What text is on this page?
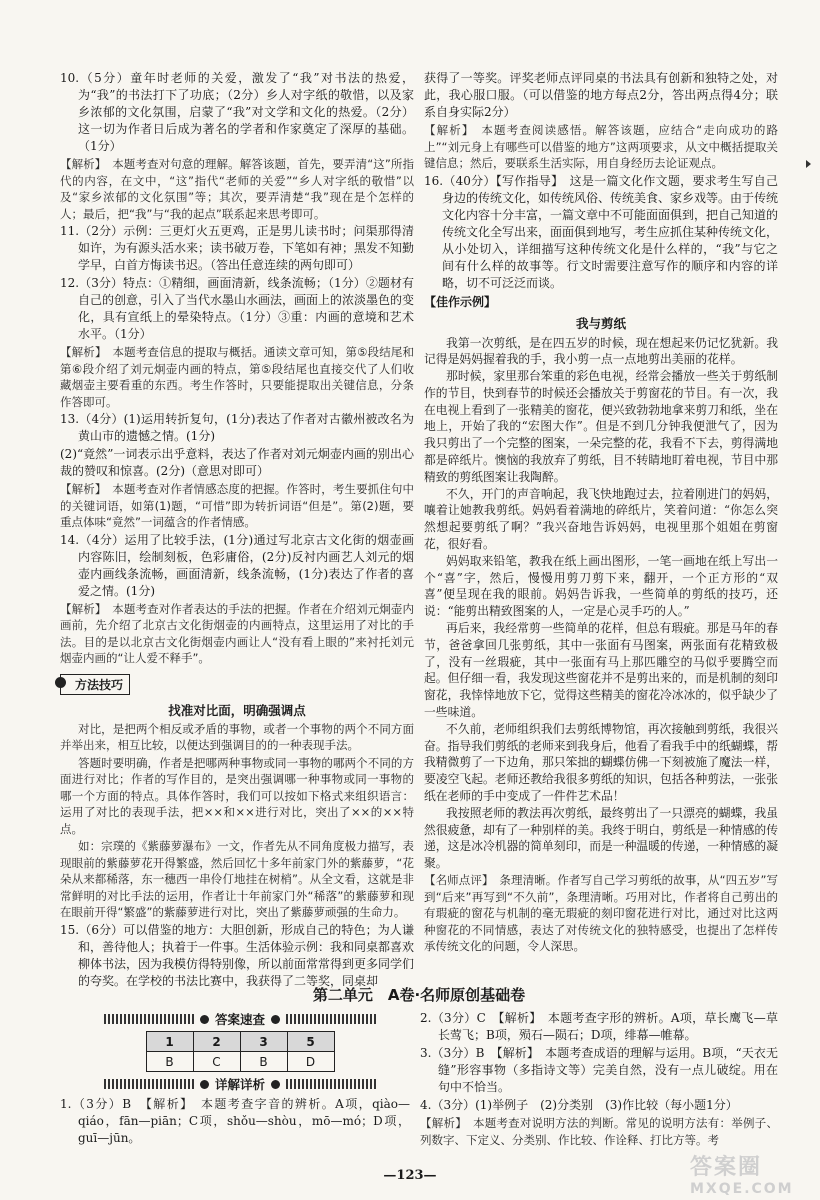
10.（5分）童年时老师的关爱，激发了“我”对书法的热爱，为“我”的书法打下了功底；（2分）乡人对字纸的敬惜，以及家乡浓郁的文化氛围，启蒙了“我”对文学和文化的热爱。（2分）这一切为作者日后成为著名的学者和作家奠定了深厚的基础。（1分）

【解析】　本题考查对句意的理解。解答该题，首先，要弄清“这”所指代的内容，在文中，“这”指代“老师的关爱”“乡人对字纸的敬惜”以及“家乡浓郁的文化氛围”等；其次，要弄清楚“我”现在是个怎样的人；最后，把“我”与“我的起点”联系起来思考即可。

11.（2分）示例：三更灯火五更鸡，正是男儿读书时；问渠那得清如许，为有源头活水来；读书破万卷，下笔如有神；黑发不知勤学早，白首方悔读书迟。（答出任意连续的两句即可）

12.（3分）特点：①精细，画面清新，线条流畅；（1分）②题材有自己的创意，引入了当代水墨山水画法，画面上的浓淡墨色的变化，具有宣纸上的晕染特点。（1分）③重：内画的意境和艺术水平。（1分）

【解析】　本题考查信息的提取与概括。通读文章可知，第⑤段结尾和第⑥段介绍了刘元炯壶内画的特点，第⑤段结尾也直接交代了人们收藏烟壶主要看重的东西。考生作答时，只要能提取出关键信息，分条作答即可。

13.（4分）(1)运用转折复句，(1分)表达了作者对古徽州被改名为黄山市的遗憾之情。(1分)

(2)“竟然”一词表示出乎意料，表达了作者对刘元炯壶内画的别出心裁的赞叹和惊喜。(2分)（意思对即可）

【解析】　本题考查对作者情感态度的把握。作答时，考生要抓住句中的关键词语，如第(1)题，“可惜”即为转折词语“但是”。第(2)题，要重点体味“竟然”一词蕴含的作者情感。

14.（4分）运用了比较手法，(1分)通过写北京古文化街的烟壶画内容陈旧，绘制刻板，色彩庸俗，(2分)反衬内画艺人刘元的烟壶内画线条流畅，画面清新，线条流畅，(1分)表达了作者的喜爱之情。(1分)

【解析】　本题考查对作者表达的手法的把握。作者在介绍刘元炯壶内画前，先介绍了北京古文化街烟壶的内画特点，这里运用了对比的手法。目的是以北京古文化街烟壶内画让人“没有看上眼的”来衬托刘元烟壶内画的“让人爱不释手”。

方法技巧
找准对比面，明确强调点

对比，是把两个相反或矛盾的事物，或者一个事物的两个不同方面并举出来，相互比较，以便达到强调目的的一种表现手法。

答题时要明确，作者是把哪两种事物或同一事物的哪两个不同的方面进行对比；作者的写作目的，是突出强调哪一种事物或同一事物的哪一个方面的特点。具体作答时，我们可以按如下格式来组织语言：运用了对比的表现手法，把××和××进行对比，突出了××的××特点。

如：宗璞的《紫藤萝瀑布》一文，作者先从不同角度极力描写，表现眼前的紫藤萝花开得繁盛，然后回忆十多年前家门外的紫藤萝，“花朵从来都稀落，东一穗西一串伶仃地挂在树梢”。从全文看，这就是非常鲜明的对比手法的运用，作者让十年前家门外“稀落”的紫藤萝和现在眼前开得“繁盛”的紫藤萝进行对比，突出了紫藤萝顽强的生命力。

15.（6分）可以借鉴的地方：大胆创新，形成自己的特色；为人谦和，善待他人；执着于一件事。生活体验示例：我和同桌都喜欢柳体书法，因为我模仿得特别像，所以前面常常得到更多同学们的夸奖。在学校的书法比赛中，我获得了二等奖，同桌却

获得了一等奖。评奖老师点评同桌的书法具有创新和独特之处，对此，我心服口服。（可以借鉴的地方每点2分，答出两点得4分；联系自身实际2分）

【解析】　本题考查阅读感悟。解答该题，应结合“走向成功的路上”“刘元身上有哪些可以借鉴的地方”这两项要求，从文中概括提取关键信息；然后，要联系生活实际，用自身经历去论证观点。

16.（40分）【写作指导】　这是一篇文化作文题，要求考生写自己身边的传统文化，如传统风俗、传统美食、家乡戏等。由于传统文化内容十分丰富，一篇文章中不可能面面俱到，把自己知道的传统文化全写出来，面面俱到地写，考生应抓住某种传统文化，从小处切入，详细描写这种传统文化是什么样的，“我”与它之间有什么样的故事等。行文时需要注意写作的顺序和内容的详略，切不可泛泛而谈。

【佳作示例】
我与剪纸

我第一次剪纸，是在四五岁的时候，现在想起来仍记忆犹新。我记得是妈妈握着我的手，我小剪一点一点地剪出美丽的花样。

那时候，家里那台笨重的彩色电视，经常会播放一些关于剪纸制作的节目，快到春节的时候还会播放关于剪窗花的节目。有一次，我在电视上看到了一张精美的窗花，便兴致勃勃地拿来剪刀和纸，坐在地上，开始了我的“宏图大作”。但是不到几分钟我便泄气了，因为我只剪出了一个完整的图案，一朵完整的花，我看不下去，剪得满地都是碎纸片。懊恼的我放弃了剪纸，目不转睛地盯着电视，节目中那精致的剪纸图案让我陶醉。

不久，开门的声音响起，我飞快地跑过去，拉着刚进门的妈妈，嚷着让她教我剪纸。妈妈看着满地的碎纸片，笑着问道：“你怎么突然想起要剪纸了啊？”我兴奋地告诉妈妈，电视里那个姐姐在剪窗花，很好看。

妈妈取来铅笔，教我在纸上画出图形，一笔一画地在纸上写出一个“喜”字，然后，慢慢用剪刀剪下来，翻开，一个正方形的“双喜”便呈现在我的眼前。妈妈告诉我，一些简单的剪纸的技巧，还说：“能剪出精致图案的人，一定是心灵手巧的人。”

再后来，我经常剪一些简单的花样，但总有瑕疵。那是马年的春节，爸爸拿回几张剪纸，其中一张面有马图案，两张面有花精致极了，没有一丝瑕疵，其中一张面有马上那匹雕空的马似乎要腾空而起。但仔细一看，我发现这些窗花并不是剪出来的，而是机制的刻印窗花，我悻悻地放下它，觉得这些精美的窗花冷冰冰的，似乎缺少了一些味道。

不久前，老师组织我们去剪纸博物馆，再次接触到剪纸，我很兴奋。指导我们剪纸的老师来到我身后，他看了看我手中的纸蝴蝶，帮我精微剪了一下边角，那只笨拙的蝴蝶仿佛一下刻被施了魔法一样，要凌空飞起。老师还教给我很多剪纸的知识，包括各种剪法，一张张纸在老师的手中变成了一件件艺术品！

我按照老师的教法再次剪纸，最终剪出了一只漂亮的蝴蝶，我虽然很疲惫，却有了一种别样的美。我终于明白，剪纸是一种情感的传递，这是冰冷机器的简单刻印，而是一种温暖的传递，一种情感的凝聚。

【名师点评】　条理清晰。作者写自己学习剪纸的故事，从“四五岁”写到“后来”再写到“不久前”，条理清晰。巧用对比，作者将自己剪出的有瑕疵的窗花与机制的毫无瑕疵的刻印窗花进行对比，通过对比这两种窗花的不同情感，表达了对传统文化的独特感受，也提出了怎样传承传统文化的问题，令人深思。

第二单元　A卷·名师原创基础卷
答案速查
1	2	3	5
B	C	B	D
详解详析

1.（3分）B　【解析】　本题考查字音的辨析。A项，qiào—qiáo，fān—piān；C项，shǒu—shòu，mō—mó；D项，guī—jūn。

2.（3分）C　【解析】　本题考查字形的辨析。A项，草长鹰飞—草长莺飞；B项，殒石—陨石；D项，绯幕—帷幕。

3.（3分）B　【解析】　本题考查成语的理解与运用。B项，“天衣无缝”形容事物（多指诗文等）完美自然，没有一点儿破绽。用在句中不恰当。

4.（3分）(1)举例子　(2)分类别　(3)作比较（每小题1分）

【解析】　本题考查对说明方法的判断。常见的说明方法有：举例子、列数字、下定义、分类别、作比较、作诠释、打比方等。考

—123—	答案圈
MXQE.COM
